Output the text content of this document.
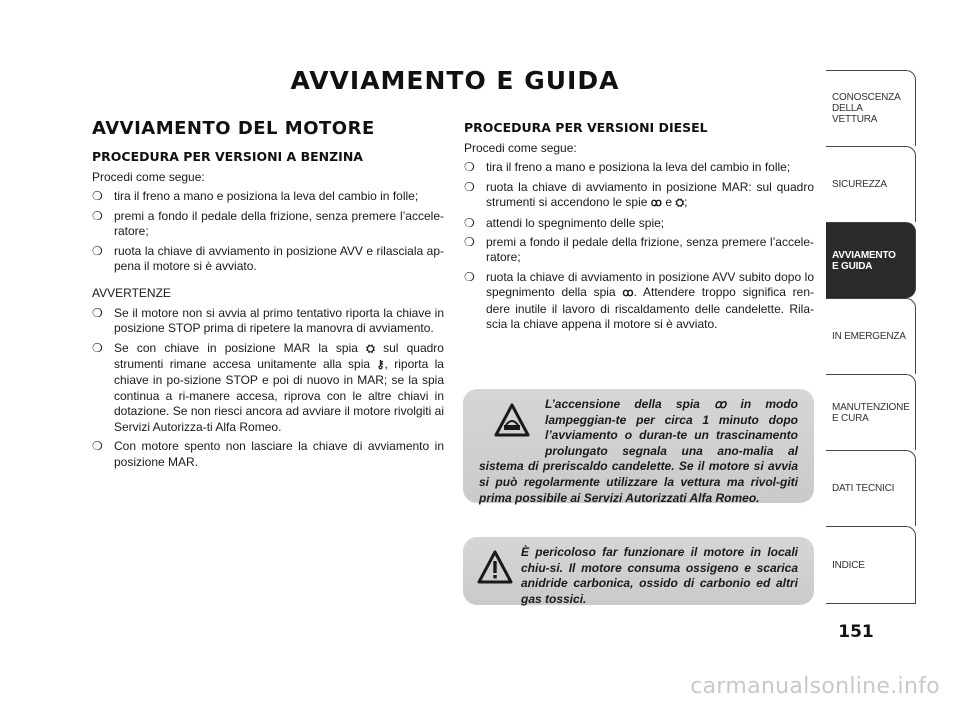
AVVIAMENTO E GUIDA
AVVIAMENTO DEL MOTORE
PROCEDURA PER VERSIONI A BENZINA
Procedi come segue:
❍ tira il freno a mano e posiziona la leva del cambio in folle;
❍ premi a fondo il pedale della frizione, senza premere l’accele-ratore;
❍ ruota la chiave di avviamento in posizione AVV e rilasciala ap-pena il motore si è avviato.
AVVERTENZE
❍ Se il motore non si avvia al primo tentativo riporta la chiave in posizione STOP prima di ripetere la manovra di avviamento.
❍ Se con chiave in posizione MAR la spia ⛭ sul quadro strumenti rimane accesa unitamente alla spia ⚷, riporta la chiave in po-sizione STOP e poi di nuovo in MAR; se la spia continua a ri-manere accesa, riprova con le altre chiavi in dotazione. Se non riesci ancora ad avviare il motore rivolgiti ai Servizi Autorizza-ti Alfa Romeo.
❍ Con motore spento non lasciare la chiave di avviamento in posizione MAR.
PROCEDURA PER VERSIONI DIESEL
Procedi come segue:
❍ tira il freno a mano e posiziona la leva del cambio in folle;
❍ ruota la chiave di avviamento in posizione MAR: sul quadro strumenti si accendono le spie ꝏ e ⛭;
❍ attendi lo spegnimento delle spie;
❍ premi a fondo il pedale della frizione, senza premere l’accele-ratore;
❍ ruota la chiave di avviamento in posizione AVV subito dopo lo spegnimento della spia ꝏ. Attendere troppo significa ren-dere inutile il lavoro di riscaldamento delle candelette. Rila-scia la chiave appena il motore si è avviato.
L’accensione della spia ꝏ in modo lampeggian-te per circa 1 minuto dopo l’avviamento o duran-te un trascinamento prolungato segnala una ano-malia al sistema di preriscaldo candelette. Se il motore si avvia si può regolarmente utilizzare la vettura ma rivol-giti prima possibile ai Servizi Autorizzati Alfa Romeo.
È pericoloso far funzionare il motore in locali chiu-si. Il motore consuma ossigeno e scarica anidride carbonica, ossido di carbonio ed altri gas tossici.
CONOSCENZA DELLA VETTURA
SICUREZZA
AVVIAMENTO E GUIDA
IN EMERGENZA
MANUTENZIONE E CURA
DATI TECNICI
INDICE
151
carmanualsonline.info
